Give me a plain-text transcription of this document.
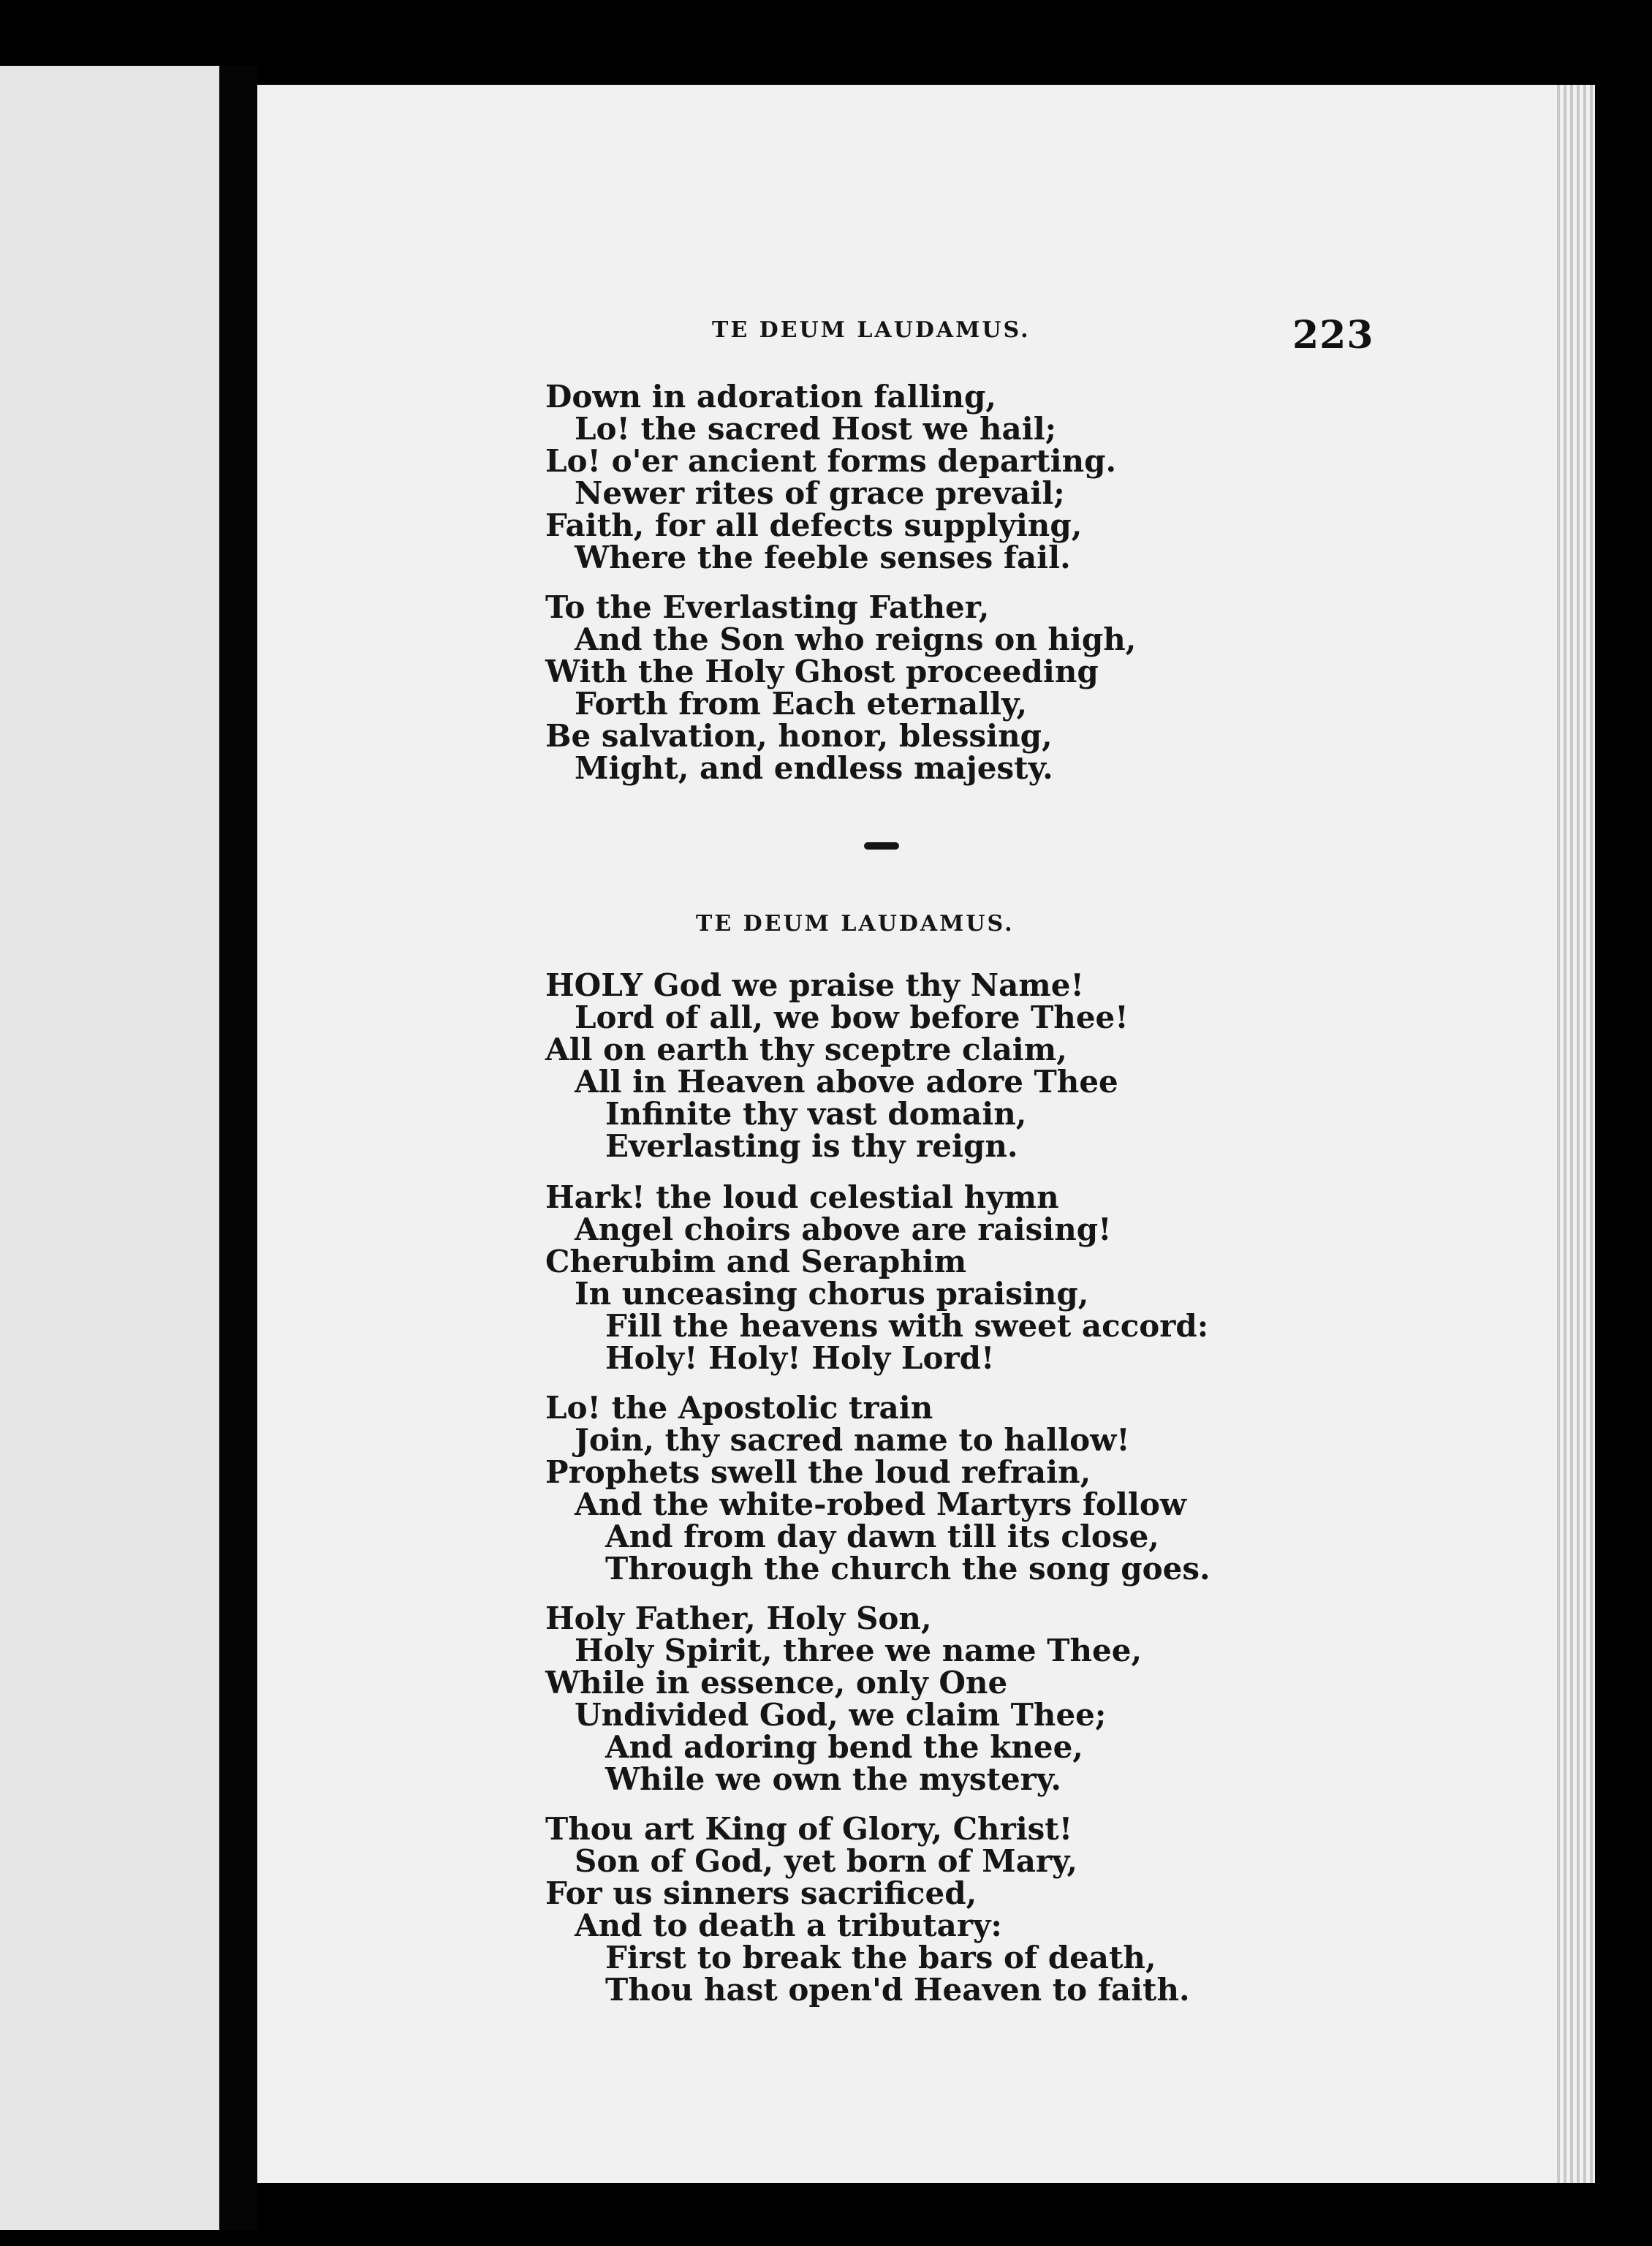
223
TE DEUM LAUDAMUS.
Down in adoration falling,
Lo! the sacred Host we hail;
Lo! o'er ancient forms departing.
Newer rites of grace prevail;
Faith, for all defects supplying,
Where the feeble senses fail.
To the Everlasting Father,
And the Son who reigns on high,
With the Holy Ghost proceeding
Forth from Each eternally,
Be salvation, honor, blessing,
Might, and endless majesty.
TE DEUM LAUDAMUS.
HOLY God we praise thy Name!
Lord of all, we bow before Thee!
All on earth thy sceptre claim,
All in Heaven above adore Thee
Infinite thy vast domain,
Everlasting is thy reign.
Hark! the loud celestial hymn
Angel choirs above are raising!
Cherubim and Seraphim
In unceasing chorus praising,
Fill the heavens with sweet accord:
Holy! Holy! Holy Lord!
Lo! the Apostolic train
Join, thy sacred name to hallow!
Prophets swell the loud refrain,
And the white-robed Martyrs follow
And from day dawn till its close,
Through the church the song goes.
Holy Father, Holy Son,
Holy Spirit, three we name Thee,
While in essence, only One
Undivided God, we claim Thee;
And adoring bend the knee,
While we own the mystery.
Thou art King of Glory, Christ!
Son of God, yet born of Mary,
For us sinners sacrificed,
And to death a tributary:
First to break the bars of death,
Thou hast open'd Heaven to faith.
